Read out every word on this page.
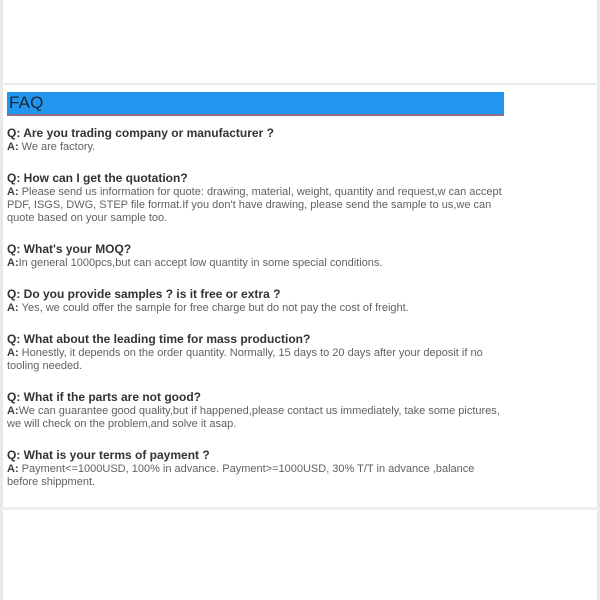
FAQ
Q: Are you trading company or manufacturer ?
A: We are factory.
Q: How can I get the quotation?
A: Please send us information for quote: drawing, material, weight, quantity and request,w can accept PDF, ISGS, DWG, STEP file format.If you don't have drawing, please send the sample to us,we can quote based on your sample too.
Q: What's your MOQ?
A:In general 1000pcs,but can accept low quantity in some special conditions.
Q: Do you provide samples ? is it free or extra ?
A: Yes, we could offer the sample for free charge but do not pay the cost of freight.
Q: What about the leading time for mass production?
A: Honestly, it depends on the order quantity. Normally, 15 days to 20 days after your deposit if no tooling needed.
Q: What if the parts are not good?
A:We can guarantee good quality,but if happened,please contact us immediately, take some pictures, we will check on the problem,and solve it asap.
Q: What is your terms of payment ?
A: Payment<=1000USD, 100% in advance. Payment>=1000USD, 30% T/T in advance ,balance before shippment.
